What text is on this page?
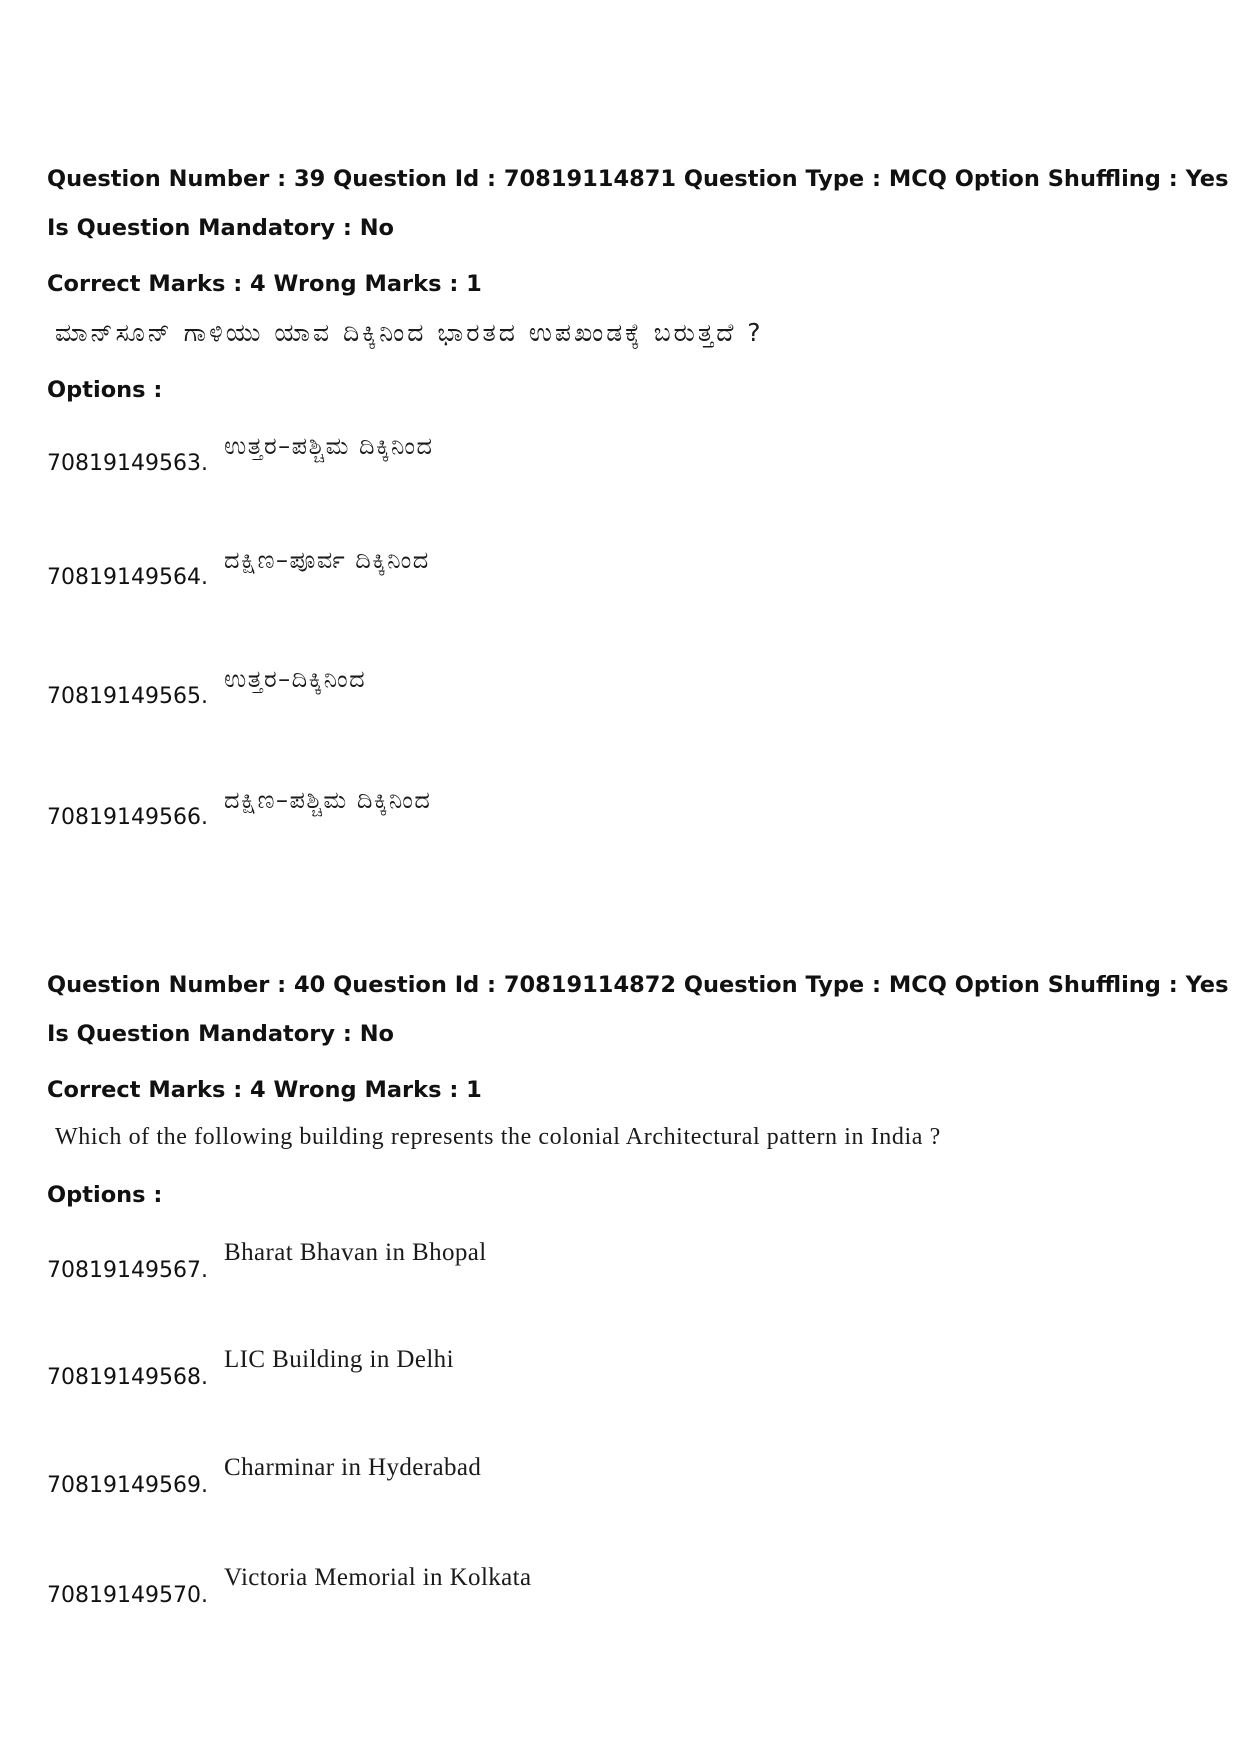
Question Number : 39 Question Id : 70819114871 Question Type : MCQ Option Shuffling : Yes
Is Question Mandatory : No
Correct Marks : 4 Wrong Marks : 1
ಮಾನ್‌ಸೂನ್ ಗಾಳಿಯು ಯಾವ ದಿಕ್ಕಿನಿಂದ ಭಾರತದ ಉಪಖಂಡಕ್ಕೆ ಬರುತ್ತದೆ ?
Options :
70819149563.
ಉತ್ತರ–ಪಶ್ಚಿಮ ದಿಕ್ಕಿನಿಂದ
70819149564.
ದಕ್ಷಿಣ–ಪೂರ್ವ ದಿಕ್ಕಿನಿಂದ
70819149565.
ಉತ್ತರ–ದಿಕ್ಕಿನಿಂದ
70819149566.
ದಕ್ಷಿಣ–ಪಶ್ಚಿಮ ದಿಕ್ಕಿನಿಂದ
Question Number : 40 Question Id : 70819114872 Question Type : MCQ Option Shuffling : Yes
Is Question Mandatory : No
Correct Marks : 4 Wrong Marks : 1
Which of the following building represents the colonial Architectural pattern in India ?
Options :
70819149567.
Bharat Bhavan in Bhopal
70819149568.
LIC Building in Delhi
70819149569.
Charminar in Hyderabad
70819149570.
Victoria Memorial in Kolkata
